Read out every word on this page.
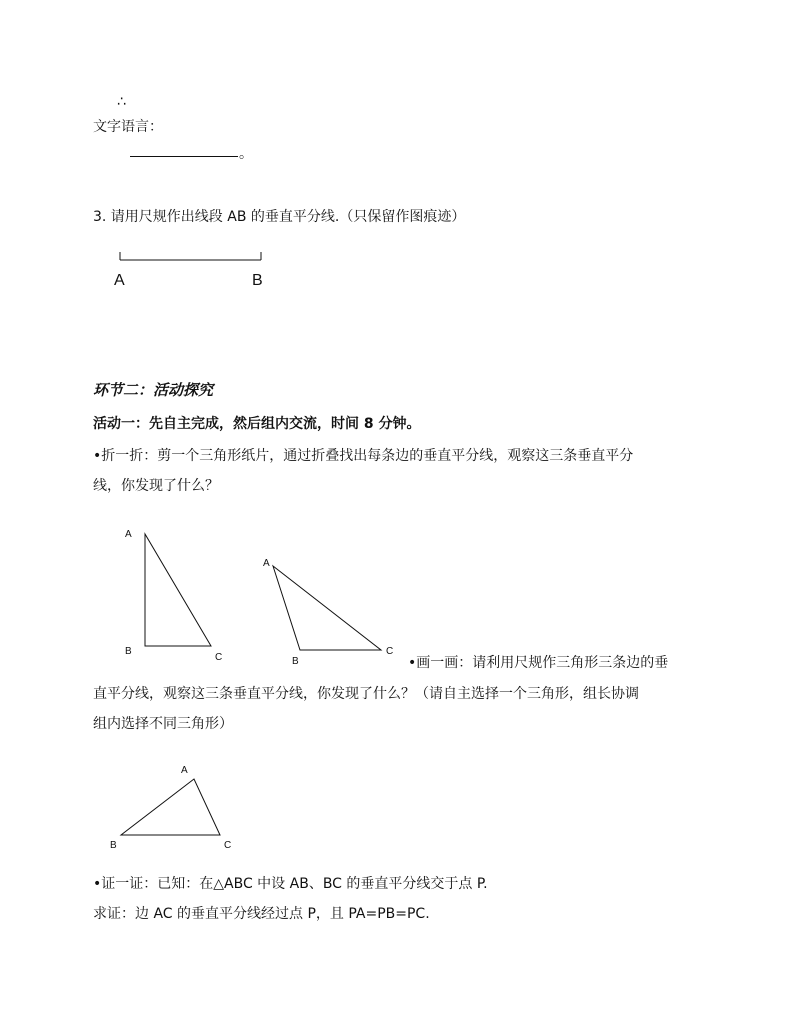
∴
文字语言：
。
3. 请用尺规作出线段 AB 的垂直平分线.（只保留作图痕迹）
A	B
环节二：活动探究
活动一：先自主完成，然后组内交流，时间 8 分钟。
•折一折：剪一个三角形纸片，通过折叠找出每条边的垂直平分线，观察这三条垂直平分
线，你发现了什么？
A
B
C
A
B
C
•画一画：请利用尺规作三角形三条边的垂
直平分线，观察这三条垂直平分线，你发现了什么？（请自主选择一个三角形，组长协调
组内选择不同三角形）
A
B	C
•证一证：已知：在△ABC 中设 AB、BC 的垂直平分线交于点 P.
求证：边 AC 的垂直平分线经过点 P，且 PA=PB=PC.
